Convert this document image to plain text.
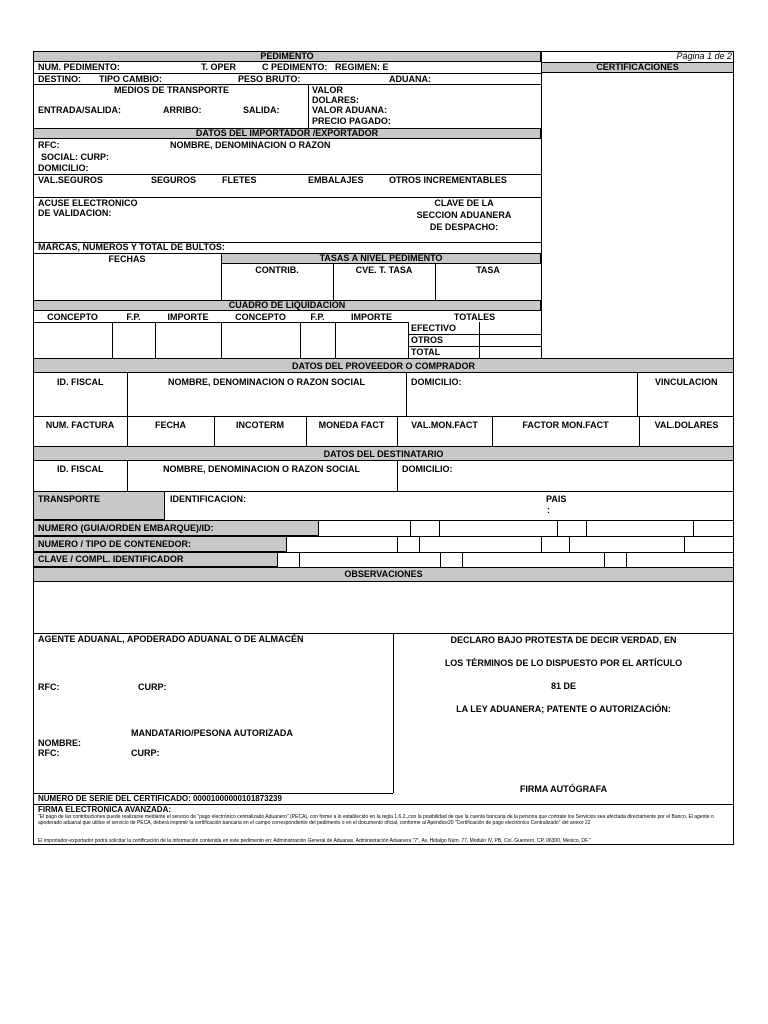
PEDIMENTO	Página 1 de 2
CERTIFICACIONES
NUM. PEDIMENTO:	T. OPER	C PEDIMENTO: REGIMEN: E
DESTINO: TIPO CAMBIO:	PESO BRUTO:	ADUANA:
MEDIOS DE TRANSPORTE	VALOR DOLARES:
ENTRADA/SALIDA:	ARRIBO:	SALIDA:	VALOR ADUANA:
PRECIO PAGADO:
DATOS DEL IMPORTADOR /EXPORTADOR
RFC:	NOMBRE, DENOMINACION O RAZON
SOCIAL: CURP:
DOMICILIO:
VAL.SEGUROS	SEGUROS	FLETES	EMBALAJES	OTROS INCREMENTABLES
ACUSE ELECTRONICO
DE VALIDACION:
CLAVE DE LA
SECCION ADUANERA
DE DESPACHO:
MARCAS, NUMEROS Y TOTAL DE BULTOS:
FECHAS	TASAS A NIVEL PEDIMENTO
CONTRIB.	CVE. T. TASA	TASA
CUADRO DE LIQUIDACION
CONCEPTO	F.P.	IMPORTE	CONCEPTO	F.P.	IMPORTE	TOTALES
EFECTIVO
OTROS
TOTAL
DATOS DEL PROVEEDOR O COMPRADOR
ID. FISCAL	NOMBRE, DENOMINACION O RAZON SOCIAL	DOMICILIO:	VINCULACION
NUM. FACTURA	FECHA	INCOTERM	MONEDA FACT	VAL.MON.FACT	FACTOR MON.FACT	VAL.DOLARES
DATOS DEL DESTINATARIO
ID. FISCAL	NOMBRE, DENOMINACION O RAZON SOCIAL	DOMICILIO:
TRANSPORTE	IDENTIFICACION:	PAIS
:
NUMERO (GUIA/ORDEN EMBARQUE)/ID:
NUMERO / TIPO DE CONTENEDOR:
CLAVE / COMPL. IDENTIFICADOR
OBSERVACIONES
AGENTE ADUANAL, APODERADO ADUANAL O DE ALMACÉN
RFC:	CURP:
MANDATARIO/PESONA AUTORIZADA
NOMBRE:
RFC:	CURP:
DECLARO BAJO PROTESTA DE DECIR VERDAD, EN
LOS TÉRMINOS DE LO DISPUESTO POR EL ARTÍCULO
81 DE
LA LEY ADUANERA; PATENTE O AUTORIZACIÓN:
FIRMA AUTÓGRAFA
NUMERO DE SERIE DEL CERTIFICADO: 00001000000101873239
FIRMA ELECTRONICA AVANZADA:
"El pago de las contribuciones puede realizarse mediante el servicio de "pago electrónico centralizado Aduanero" (PECA), con forme a lo establecido en la regla 1.6.2.,con la posibilidad de que la cuenta bancaria de la persona que contrate los Servicios sea afectada directamente por el Banco, El agente o apoderado aduanal que utilice el servicio de PECA, deberá imprimir la certificación bancaria en el campo correspondiente del pedimento o en el documento oficial, conforme al Apéndice20 "Certificación de pago electrónico Centralizado" del anexo 22
El importador-exportador podrá solicitar la certificación de la información contenida en este pedimento en: Administración General de Aduanas, Administración Aduanera "7", Av. Hidalgo Núm. 77, Modulo IV, PB, Col. Guerrero, CP, 06300, Mexico, DF."
